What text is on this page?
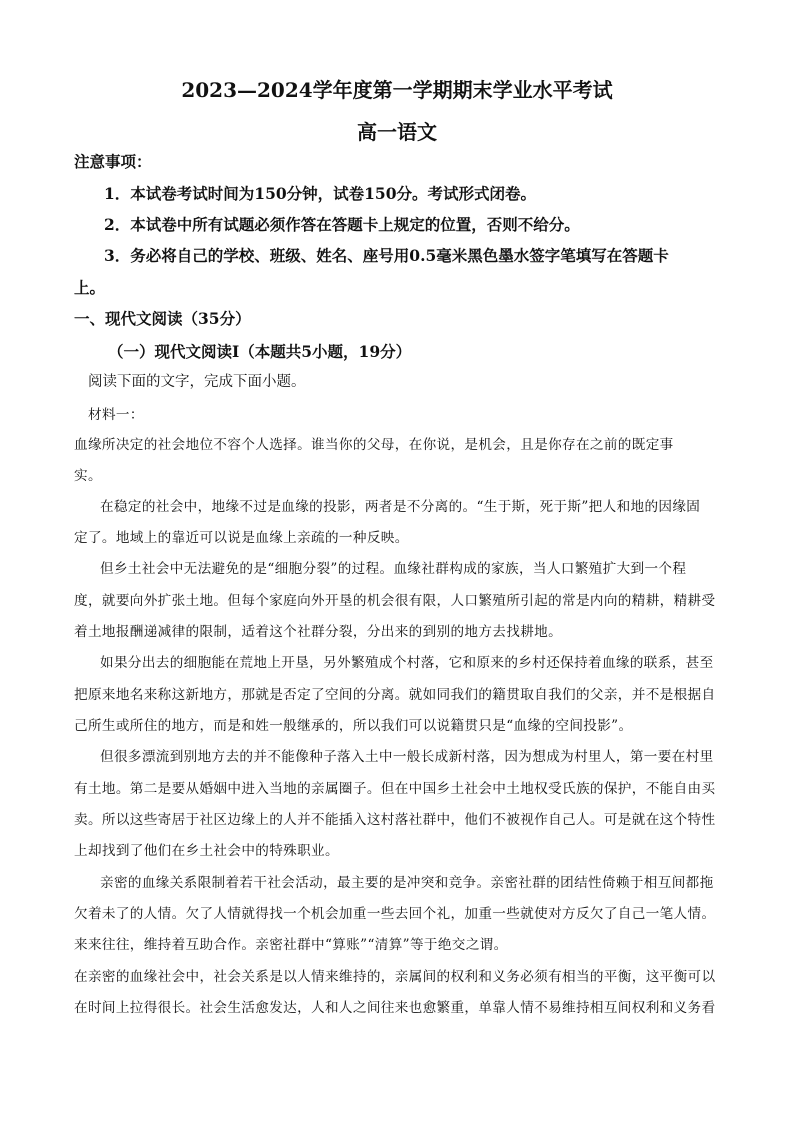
2023—2024学年度第一学期期末学业水平考试
高一语文
注意事项：
1．本试卷考试时间为150分钟，试卷150分。考试形式闭卷。
2．本试卷中所有试题必须作答在答题卡上规定的位置，否则不给分。
3．务必将自己的学校、班级、姓名、座号用0.5毫米黑色墨水签字笔填写在答题卡
上。
一、现代文阅读（35分）
（一）现代文阅读Ⅰ（本题共5小题，19分）
阅读下面的文字，完成下面小题。
材料一：
血缘所决定的社会地位不容个人选择。谁当你的父母，在你说，是机会，且是你存在之前的既定事
实。
在稳定的社会中，地缘不过是血缘的投影，两者是不分离的。“生于斯，死于斯”把人和地的因缘固
定了。地域上的靠近可以说是血缘上亲疏的一种反映。
但乡土社会中无法避免的是“细胞分裂”的过程。血缘社群构成的家族，当人口繁殖扩大到一个程
度，就要向外扩张土地。但每个家庭向外开垦的机会很有限，人口繁殖所引起的常是内向的精耕，精耕受
着土地报酬递减律的限制，适着这个社群分裂，分出来的到别的地方去找耕地。
如果分出去的细胞能在荒地上开垦，另外繁殖成个村落，它和原来的乡村还保持着血缘的联系，甚至
把原来地名来称这新地方，那就是否定了空间的分离。就如同我们的籍贯取自我们的父亲，并不是根据自
己所生或所住的地方，而是和姓一般继承的，所以我们可以说籍贯只是“血缘的空间投影”。
但很多漂流到别地方去的并不能像种子落入土中一般长成新村落，因为想成为村里人，第一要在村里
有土地。第二是要从婚姻中进入当地的亲属圈子。但在中国乡土社会中土地权受氏族的保护，不能自由买
卖。所以这些寄居于社区边缘上的人并不能插入这村落社群中，他们不被视作自己人。可是就在这个特性
上却找到了他们在乡土社会中的特殊职业。
亲密的血缘关系限制着若干社会活动，最主要的是冲突和竞争。亲密社群的团结性倚赖于相互间都拖
欠着未了的人情。欠了人情就得找一个机会加重一些去回个礼，加重一些就使对方反欠了自己一笔人情。
来来往往，维持着互助合作。亲密社群中“算账”“清算”等于绝交之谓。
在亲密的血缘社会中，社会关系是以人情来维持的，亲属间的权利和义务必须有相当的平衡，这平衡可以
在时间上拉得很长。社会生活愈发达，人和人之间往来也愈繁重，单靠人情不易维持相互间权利和义务看
